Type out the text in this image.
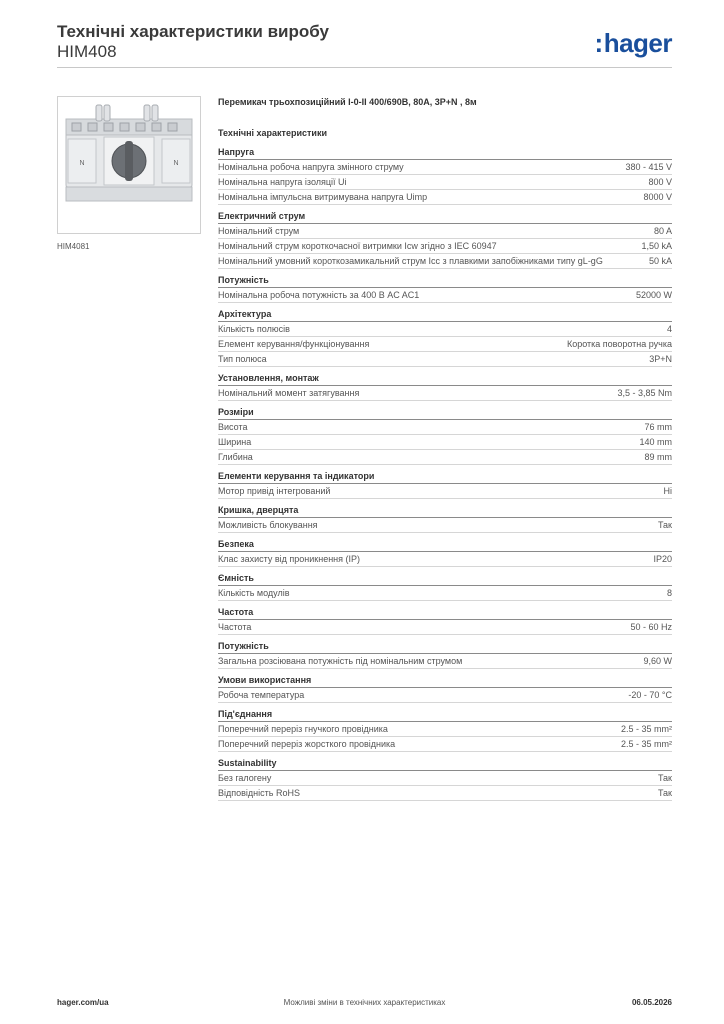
Технічні характеристики виробу
HIM408	:hager
N	N
HIM4081
Перемикач трьохпозиційний I-0-II 400/690В, 80А, 3P+N , 8м
Технічні характеристики
Напруга
Номінальна робоча напруга змінного струму	380 - 415 V
Номінальна напруга ізоляції Ui	800 V
Номінальна імпульсна витримувана напруга Uimp	8000 V
Електричний струм
Номінальний струм	80 A
Номінальний струм короткочасної витримки Icw згідно з IEC 60947	1,50 kA
Номінальний умовний короткозамикальний струм Icc з плавкими запобіжниками типу gL-gG	50 kA
Потужність
Номінальна робоча потужність за 400 В AC AC1	52000 W
Архітектура
Кількість полюсів	4
Елемент керування/функціонування	Коротка поворотна ручка
Тип полюса	3P+N
Установлення, монтаж
Номінальний момент затягування	3,5 - 3,85 Nm
Розміри
Висота	76 mm
Ширина	140 mm
Глибина	89 mm
Елементи керування та індикатори
Мотор привід інтегрований	Ні
Кришка, дверцята
Можливість блокування	Так
Безпека
Клас захисту від проникнення (IP)	IP20
Ємність
Кількість модулів	8
Частота
Частота	50 - 60 Hz
Потужність
Загальна розсіювана потужність під номінальним струмом	9,60 W
Умови використання
Робоча температура	-20 - 70 °C
Під'єднання
Поперечний переріз гнучкого провідника	2.5 - 35 mm²
Поперечний переріз жорсткого провідника	2.5 - 35 mm²
Sustainability
Без галогену	Так
Відповідність RoHS	Так
hager.com/ua	Можливі зміни в технічних характеристиках	06.05.2026
